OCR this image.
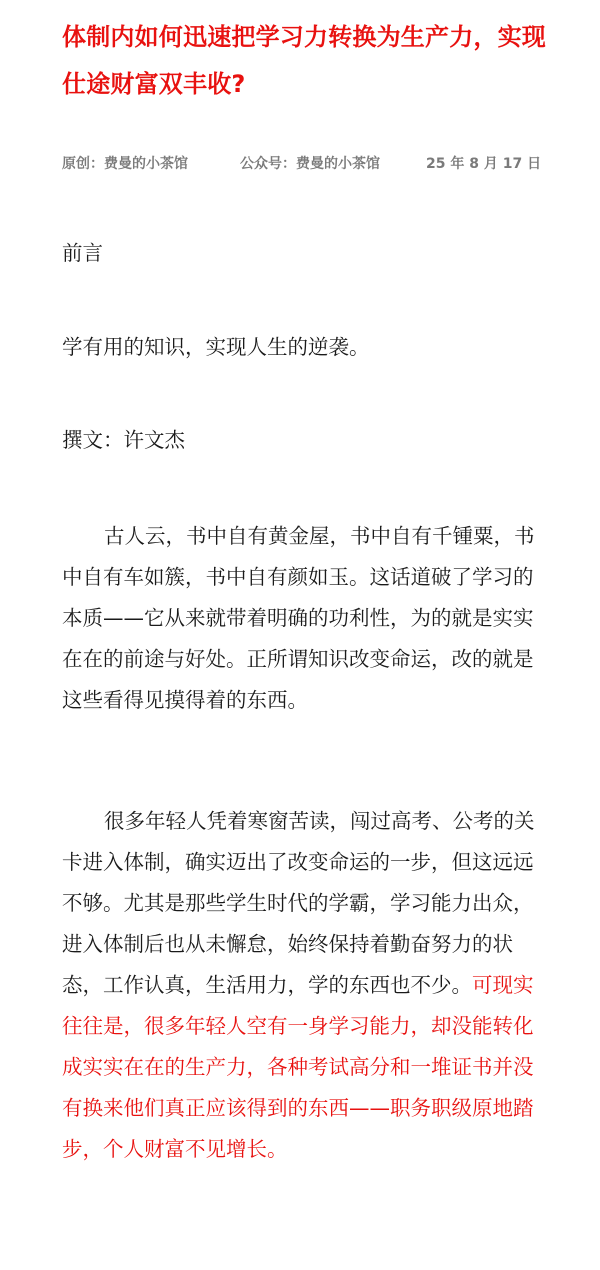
体制内如何迅速把学习力转换为生产力，实现仕途财富双丰收?
原创：费曼的小茶馆	公众号：费曼的小茶馆	25 年 8 月 17 日

前言

学有用的知识，实现人生的逆袭。

撰文：许文杰

古人云，书中自有黄金屋，书中自有千锺粟，书中自有车如簇，书中自有颜如玉。这话道破了学习的本质——它从来就带着明确的功利性，为的就是实实在在的前途与好处。正所谓知识改变命运，改的就是这些看得见摸得着的东西。

很多年轻人凭着寒窗苦读，闯过高考、公考的关卡进入体制，确实迈出了改变命运的一步，但这远远不够。尤其是那些学生时代的学霸，学习能力出众，进入体制后也从未懈怠，始终保持着勤奋努力的状态，工作认真，生活用力，学的东西也不少。可现实往往是，很多年轻人空有一身学习能力，却没能转化成实实在在的生产力，各种考试高分和一堆证书并没有换来他们真正应该得到的东西——职务职级原地踏步，个人财富不见增长。
